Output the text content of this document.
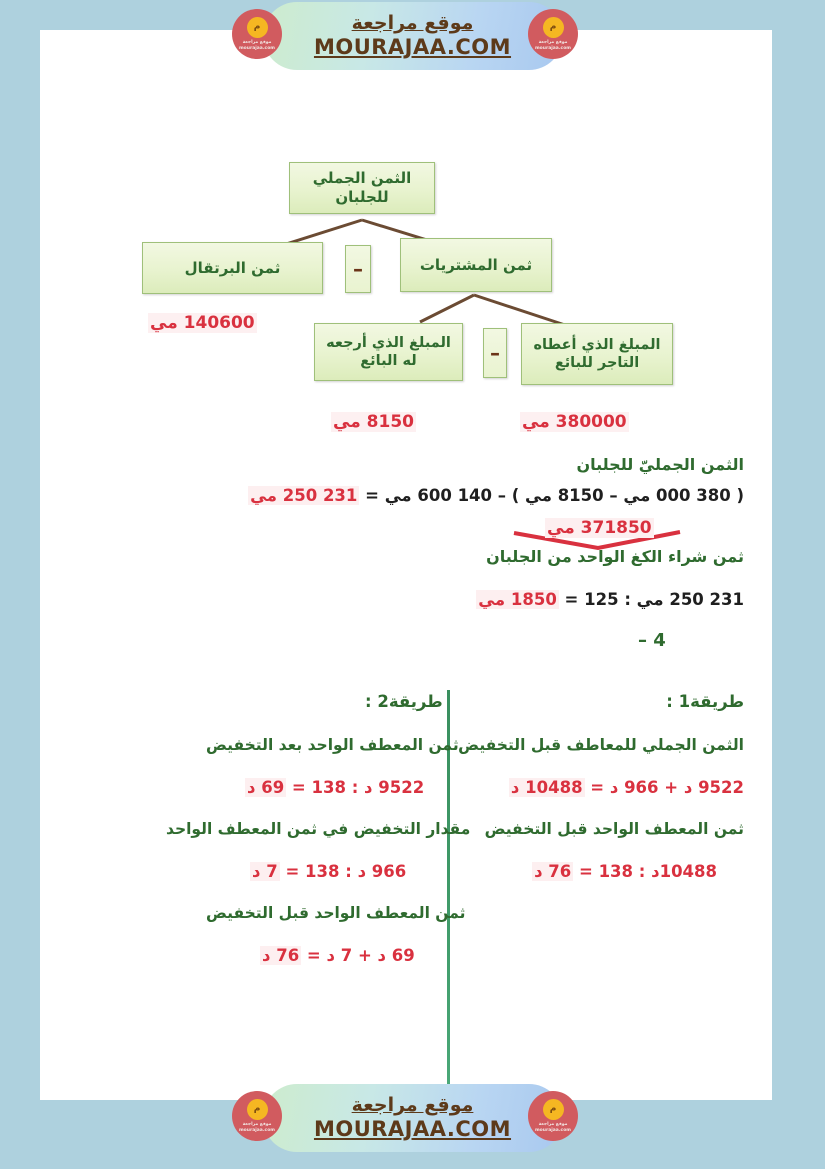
م
موقع مراجعة
mourajaa.com
موقع مراجعة
MOURAJAA.COM
م
موقع مراجعة
mourajaa.com
الثمن الجملي للجلبان
ثمن البرتقال	–	ثمن المشتريات
المبلغ الذي أرجعه له البائع	–	المبلغ الذي أعطاه التاجر للبائع
140600 مي
8150 مي	380000 مي
الثمن الجمليّ للجلبان
( 380 000 مي – 8150 مي ) – 140 600 مي = 231 250 مي
371850 مي
ثمن شراء الكغ الواحد من الجلبان
231 250 مي : 125 = 1850 مي
– 4
طريقة1 :
الثمن الجملي للمعاطف قبل التخفيض
9522 د + 966 د = 10488 د
ثمن المعطف الواحد قبل التخفيض
10488د : 138 = 76 د
طريقة2 :
ثمن المعطف الواحد بعد التخفيض
9522 د : 138 = 69 د
مقدار التخفيض في ثمن المعطف الواحد
966 د : 138 = 7 د
ثمن المعطف الواحد قبل التخفيض
69 د + 7 د = 76 د
م
موقع مراجعة
mourajaa.com
موقع مراجعة
MOURAJAA.COM
م
موقع مراجعة
mourajaa.com
